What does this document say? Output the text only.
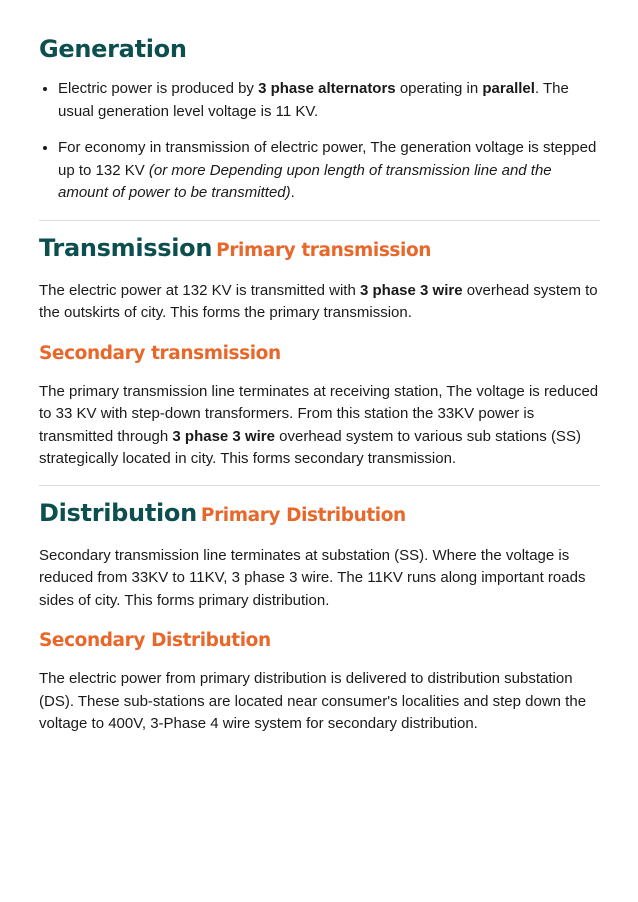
Generation
• Electric power is produced by 3 phase alternators operating in parallel. The usual generation level voltage is 11 KV.
• For economy in transmission of electric power, The generation voltage is stepped up to 132 KV (or more Depending upon length of transmission line and the amount of power to be transmitted).
Transmission Primary transmission

The electric power at 132 KV is transmitted with 3 phase 3 wire overhead system to the outskirts of city. This forms the primary transmission.

Secondary transmission

The primary transmission line terminates at receiving station, The voltage is reduced to 33 KV with step-down transformers. From this station the 33KV power is transmitted through 3 phase 3 wire overhead system to various sub stations (SS) strategically located in city. This forms secondary transmission.

Distribution Primary Distribution

Secondary transmission line terminates at substation (SS). Where the voltage is reduced from 33KV to 11KV, 3 phase 3 wire. The 11KV runs along important roads sides of city. This forms primary distribution.

Secondary Distribution

The electric power from primary distribution is delivered to distribution substation (DS). These sub-stations are located near consumer's localities and step down the voltage to 400V, 3-Phase 4 wire system for secondary distribution.
